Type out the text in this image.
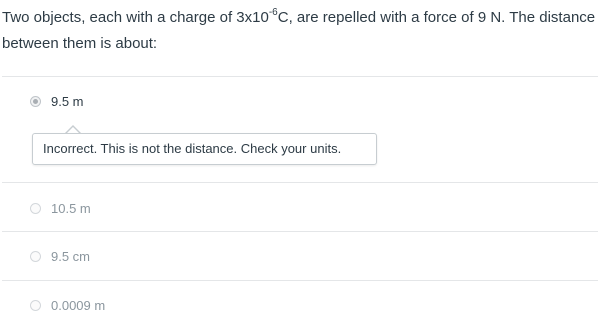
Two objects, each with a charge of $3x10^{-6}C$, are repelled with a force of 9 N. The distance between them is about:
9.5 m
Incorrect. This is not the distance. Check your units.
10.5 m
9.5 cm
0.0009 m
